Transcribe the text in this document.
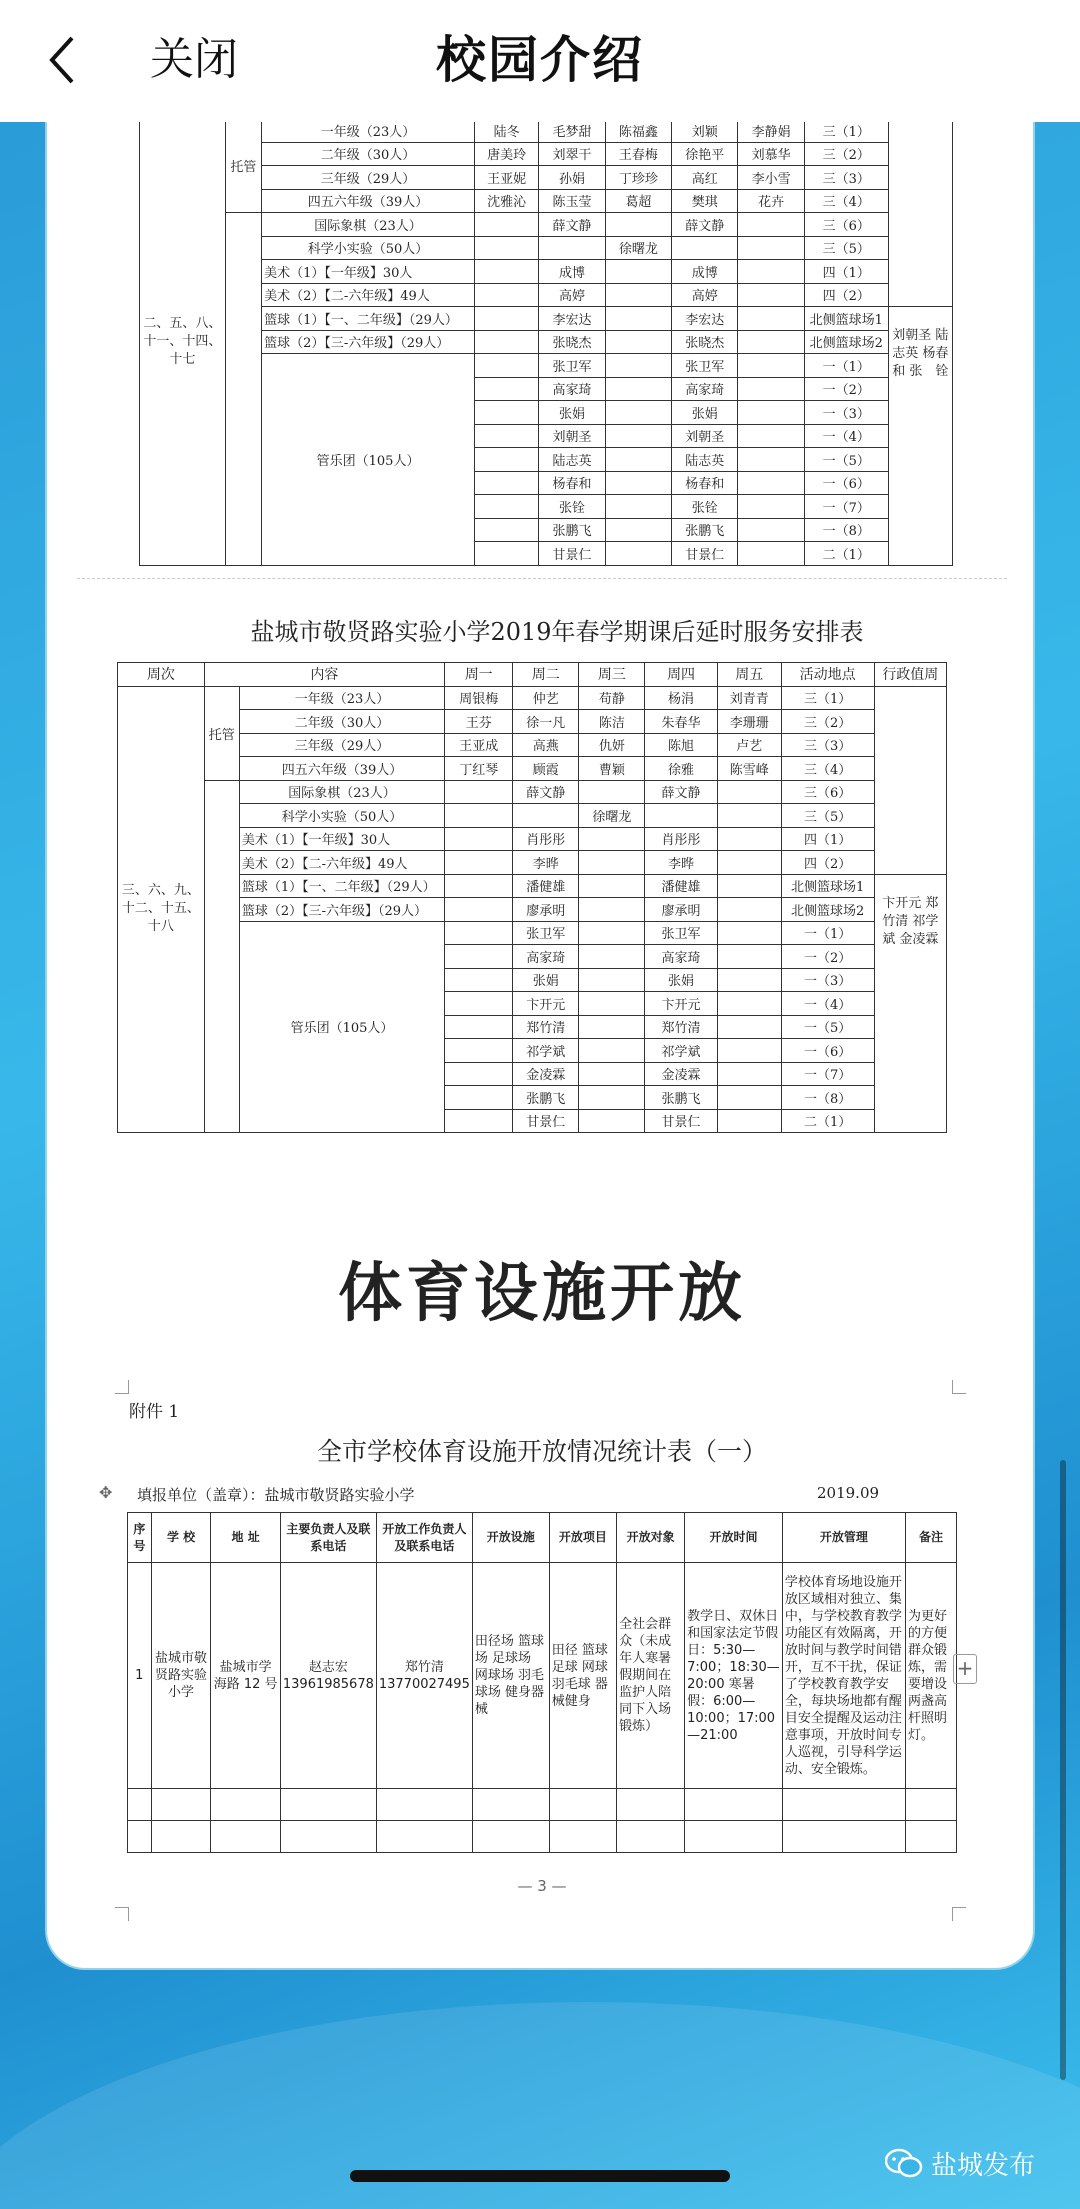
关闭	校园介绍
二、五、八、十一、十四、十七	托管	一年级（23人）	陆冬	毛梦甜	陈福鑫	刘颖	李静娟	三（1）	
		二年级（30人）	唐美玲	刘翠干	王春梅	徐艳平	刘慕华	三（2）	
		三年级（29人）	王亚妮	孙娟	丁珍珍	高红	李小雪	三（3）	
		四五六年级（39人）	沈雅沁	陈玉莹	葛超	樊琪	花卉	三（4）	
		国际象棋（23人）		薛文静		薛文静		三（6）	
		科学小实验（50人）			徐曙龙			三（5）	
		美术（1）【一年级】30人		成博		成博		四（1）	
		美术（2）【二-六年级】49人		高婷		高婷		四（2）	
		篮球（1）【一、二年级】（29人）		李宏达		李宏达		北侧篮球场1	刘朝圣 陆志英 杨春和 张　铨
		篮球（2）【三-六年级】（29人）		张晓杰		张晓杰		北侧篮球场2	
		管乐团（105人）		张卫军		张卫军		一（1）	
				高家琦		高家琦		一（2）	
				张娟		张娟		一（3）	
				刘朝圣		刘朝圣		一（4）	
				陆志英		陆志英		一（5）	
				杨春和		杨春和		一（6）	
				张铨		张铨		一（7）	
				张鹏飞		张鹏飞		一（8）	
				甘景仁		甘景仁		二（1）	
盐城市敬贤路实验小学2019年春学期课后延时服务安排表
周次	内容		周一	周二	周三	周四	周五	活动地点	行政值周
三、六、九、十二、十五、十八	托管	一年级（23人）	周银梅	仲艺	苟静	杨涓	刘青青	三（1）	
		二年级（30人）	王芬	徐一凡	陈洁	朱春华	李珊珊	三（2）	
		三年级（29人）	王亚成	高燕	仇妍	陈旭	卢艺	三（3）	
		四五六年级（39人）	丁红琴	顾霞	曹颖	徐雅	陈雪峰	三（4）	
		国际象棋（23人）		薛文静		薛文静		三（6）	
		科学小实验（50人）			徐曙龙			三（5）	
		美术（1）【一年级】30人		肖彤彤		肖彤彤		四（1）	
		美术（2）【二-六年级】49人		李晔		李晔		四（2）	
		篮球（1）【一、二年级】（29人）		潘健雄		潘健雄		北侧篮球场1	卞开元 郑竹清 祁学斌 金凌霖
		篮球（2）【三-六年级】（29人）		廖承明		廖承明		北侧篮球场2	
		管乐团（105人）		张卫军		张卫军		一（1）	
				高家琦		高家琦		一（2）	
				张娟		张娟		一（3）	
				卞开元		卞开元		一（4）	
				郑竹清		郑竹清		一（5）	
				祁学斌		祁学斌		一（6）	
				金凌霖		金凌霖		一（7）	
				张鹏飞		张鹏飞		一（8）	
				甘景仁		甘景仁		二（1）	
体育设施开放
附件 1
全市学校体育设施开放情况统计表（一）
✥	填报单位（盖章）：盐城市敬贤路实验小学	2019.09
序号	学 校	地 址	主要负责人及联系电话	开放工作负责人及联系电话	开放设施	开放项目	开放对象	开放时间	开放管理	备注
1	盐城市敬贤路实验小学	盐城市学海路 12 号	赵志宏 13961985678	郑竹清 13770027495	田径场 篮球场 足球场 网球场 羽毛球场 健身器械	田径 篮球 足球 网球 羽毛球 器械健身	全社会群众（未成年人寒暑假期间在监护人陪同下入场锻炼）	教学日、双休日和国家法定节假日：5:30—7:00；18:30—20:00 寒暑假：6:00—10:00；17:00—21:00	学校体育场地设施开放区域相对独立、集中，与学校教育教学功能区有效隔离，开放时间与教学时间错开，互不干扰，保证了学校教育教学安全，每块场地都有醒目安全提醒及运动注意事项，开放时间专人巡视，引导科学运动、安全锻炼。	为更好的方便群众锻炼，需要增设两盏高杆照明灯。

+
— 3 —
盐城发布
